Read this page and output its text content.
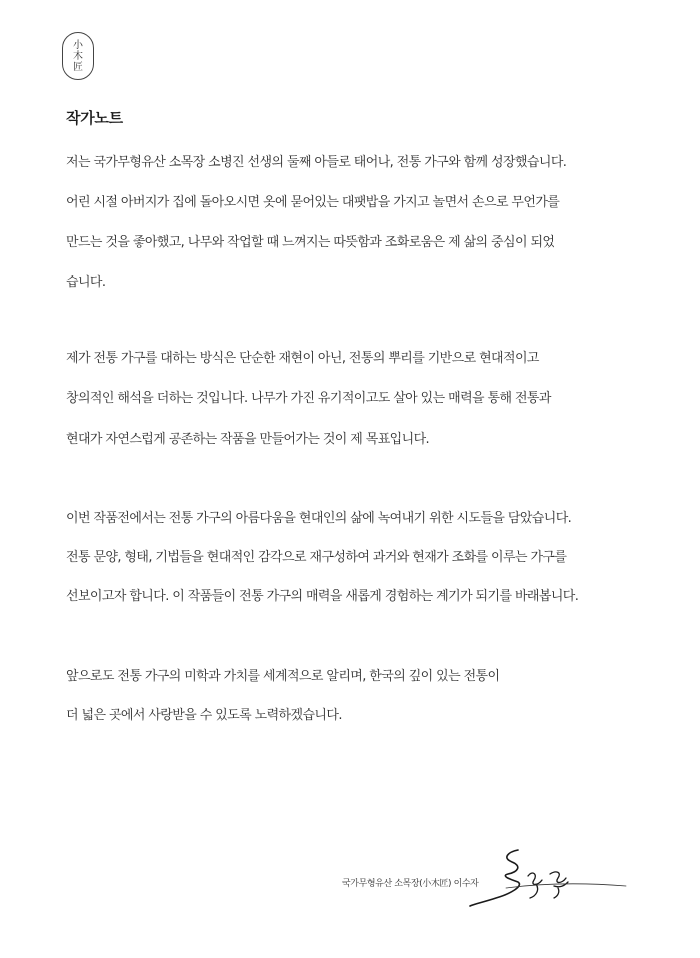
小
木
匠
작가노트
저는 국가무형유산 소목장 소병진 선생의 둘째 아들로 태어나, 전통 가구와 함께 성장했습니다.
어린 시절 아버지가 집에 돌아오시면 옷에 묻어있는 대팻밥을 가지고 놀면서 손으로 무언가를
만드는 것을 좋아했고, 나무와 작업할 때 느껴지는 따뜻함과 조화로움은 제 삶의 중심이 되었
습니다.
제가 전통 가구를 대하는 방식은 단순한 재현이 아닌, 전통의 뿌리를 기반으로 현대적이고
창의적인 해석을 더하는 것입니다. 나무가 가진 유기적이고도 살아 있는 매력을 통해 전통과
현대가 자연스럽게 공존하는 작품을 만들어가는 것이 제 목표입니다.
이번 작품전에서는 전통 가구의 아름다움을 현대인의 삶에 녹여내기 위한 시도들을 담았습니다.
전통 문양, 형태, 기법들을 현대적인 감각으로 재구성하여 과거와 현재가 조화를 이루는 가구를
선보이고자 합니다. 이 작품들이 전통 가구의 매력을 새롭게 경험하는 계기가 되기를 바래봅니다.
앞으로도 전통 가구의 미학과 가치를 세계적으로 알리며, 한국의 깊이 있는 전통이
더 넓은 곳에서 사랑받을 수 있도록 노력하겠습니다.
국가무형유산 소목장(小木匠) 이수자
